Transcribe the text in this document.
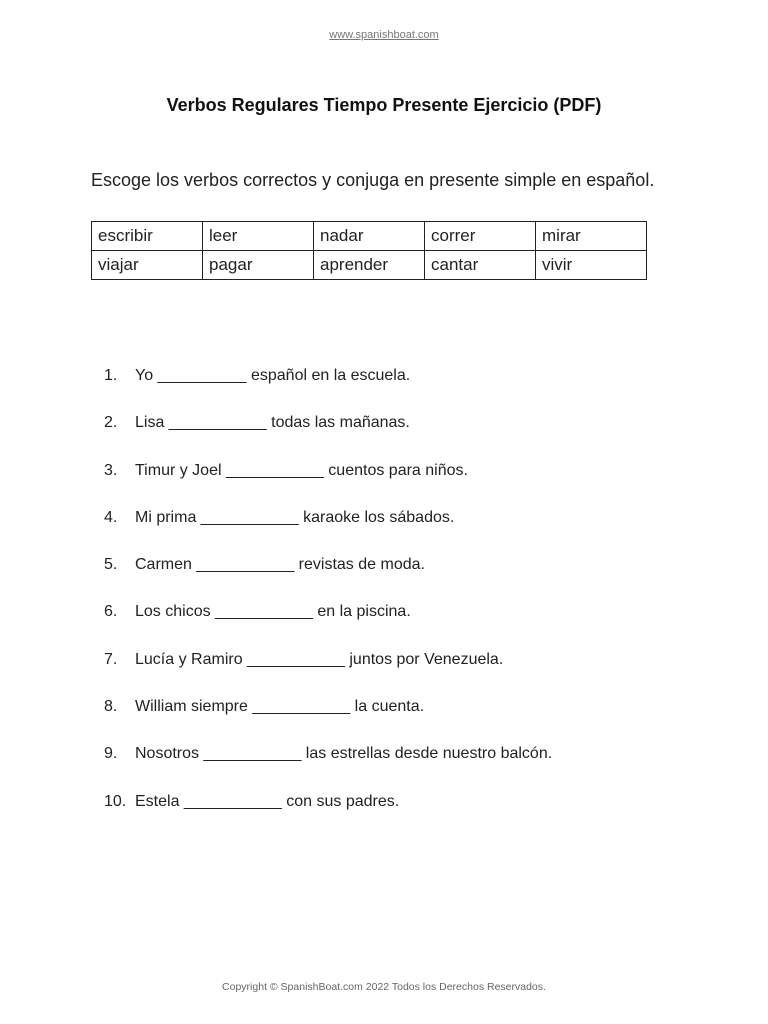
www.spanishboat.com
Verbos Regulares Tiempo Presente Ejercicio (PDF)
Escoge los verbos correctos y conjuga en presente simple en español.
escribir	leer	nadar	correr	mirar
viajar	pagar	aprender	cantar	vivir
1.	Yo __________ español en la escuela.
2.	Lisa ___________ todas las mañanas.
3.	Timur y Joel ___________ cuentos para niños.
4.	Mi prima ___________ karaoke los sábados.
5.	Carmen ___________ revistas de moda.
6.	Los chicos ___________ en la piscina.
7.	Lucía y Ramiro ___________ juntos por Venezuela.
8.	William siempre ___________ la cuenta.
9.	Nosotros ___________ las estrellas desde nuestro balcón.
10. Estela ___________ con sus padres.
Copyright © SpanishBoat.com 2022 Todos los Derechos Reservados.
